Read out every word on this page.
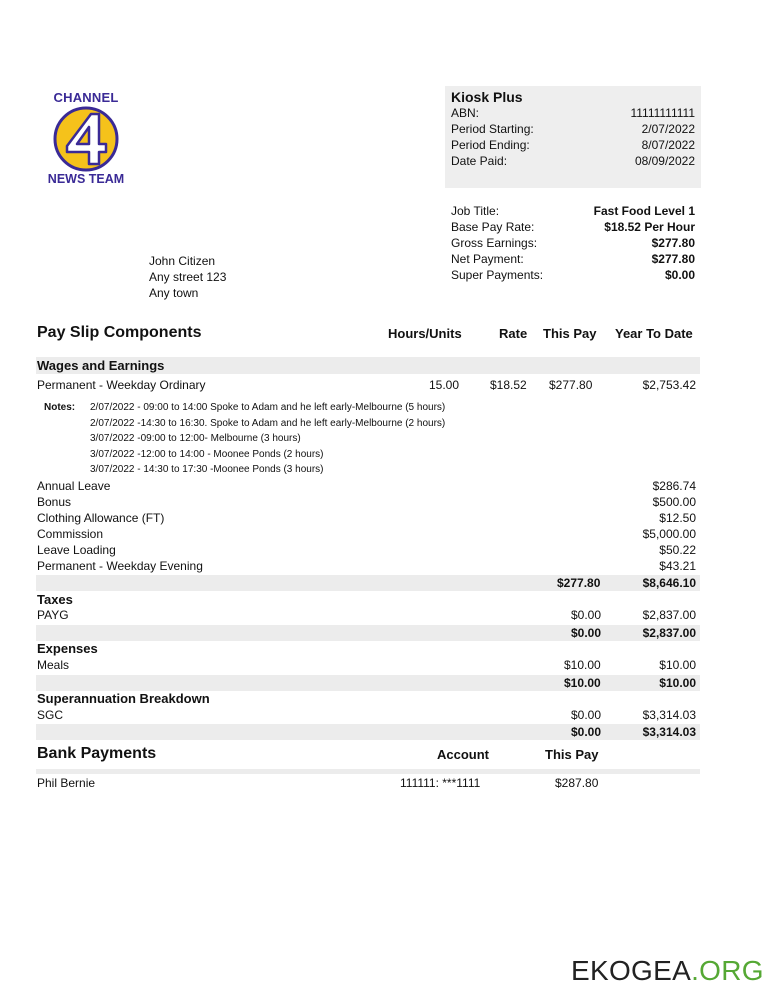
CHANNEL
NEWS TEAM
Kiosk Plus
ABN:	11111111111
Period Starting:	2/07/2022
Period Ending:	8/07/2022
Date Paid:	08/09/2022
Job Title:	Fast Food Level 1
Base Pay Rate:	$18.52 Per Hour
Gross Earnings:	$277.80
Net Payment:	$277.80
Super Payments:	$0.00
John Citizen
Any street 123
Any town
Pay Slip Components	Hours/Units	Rate This Pay Year To Date
Wages and Earnings
Permanent - Weekday Ordinary	15.00	$18.52 $277.80	$2,753.42
Notes: 2/07/2022 - 09:00 to 14:00 Spoke to Adam and he left early-Melbourne (5 hours)
2/07/2022 -14:30 to 16:30. Spoke to Adam and he left early-Melbourne (2 hours)
3/07/2022 -09:00 to 12:00- Melbourne (3 hours)
3/07/2022 -12:00 to 14:00 - Moonee Ponds (2 hours)
3/07/2022 - 14:30 to 17:30 -Moonee Ponds (3 hours)
Annual Leave	$286.74
Bonus	$500.00
Clothing Allowance (FT)	$12.50
Commission	$5,000.00
Leave Loading	$50.22
Permanent - Weekday Evening	$43.21
$277.80	$8,646.10
Taxes
PAYG	$0.00	$2,837.00
$0.00	$2,837.00
Expenses
Meals	$10.00	$10.00
$10.00	$10.00
Superannuation Breakdown
SGC	$0.00	$3,314.03
$0.00	$3,314.03
Bank Payments	Account	This Pay
Phil Bernie	111111: ***1111	$287.80
EKOGEA.ORG
